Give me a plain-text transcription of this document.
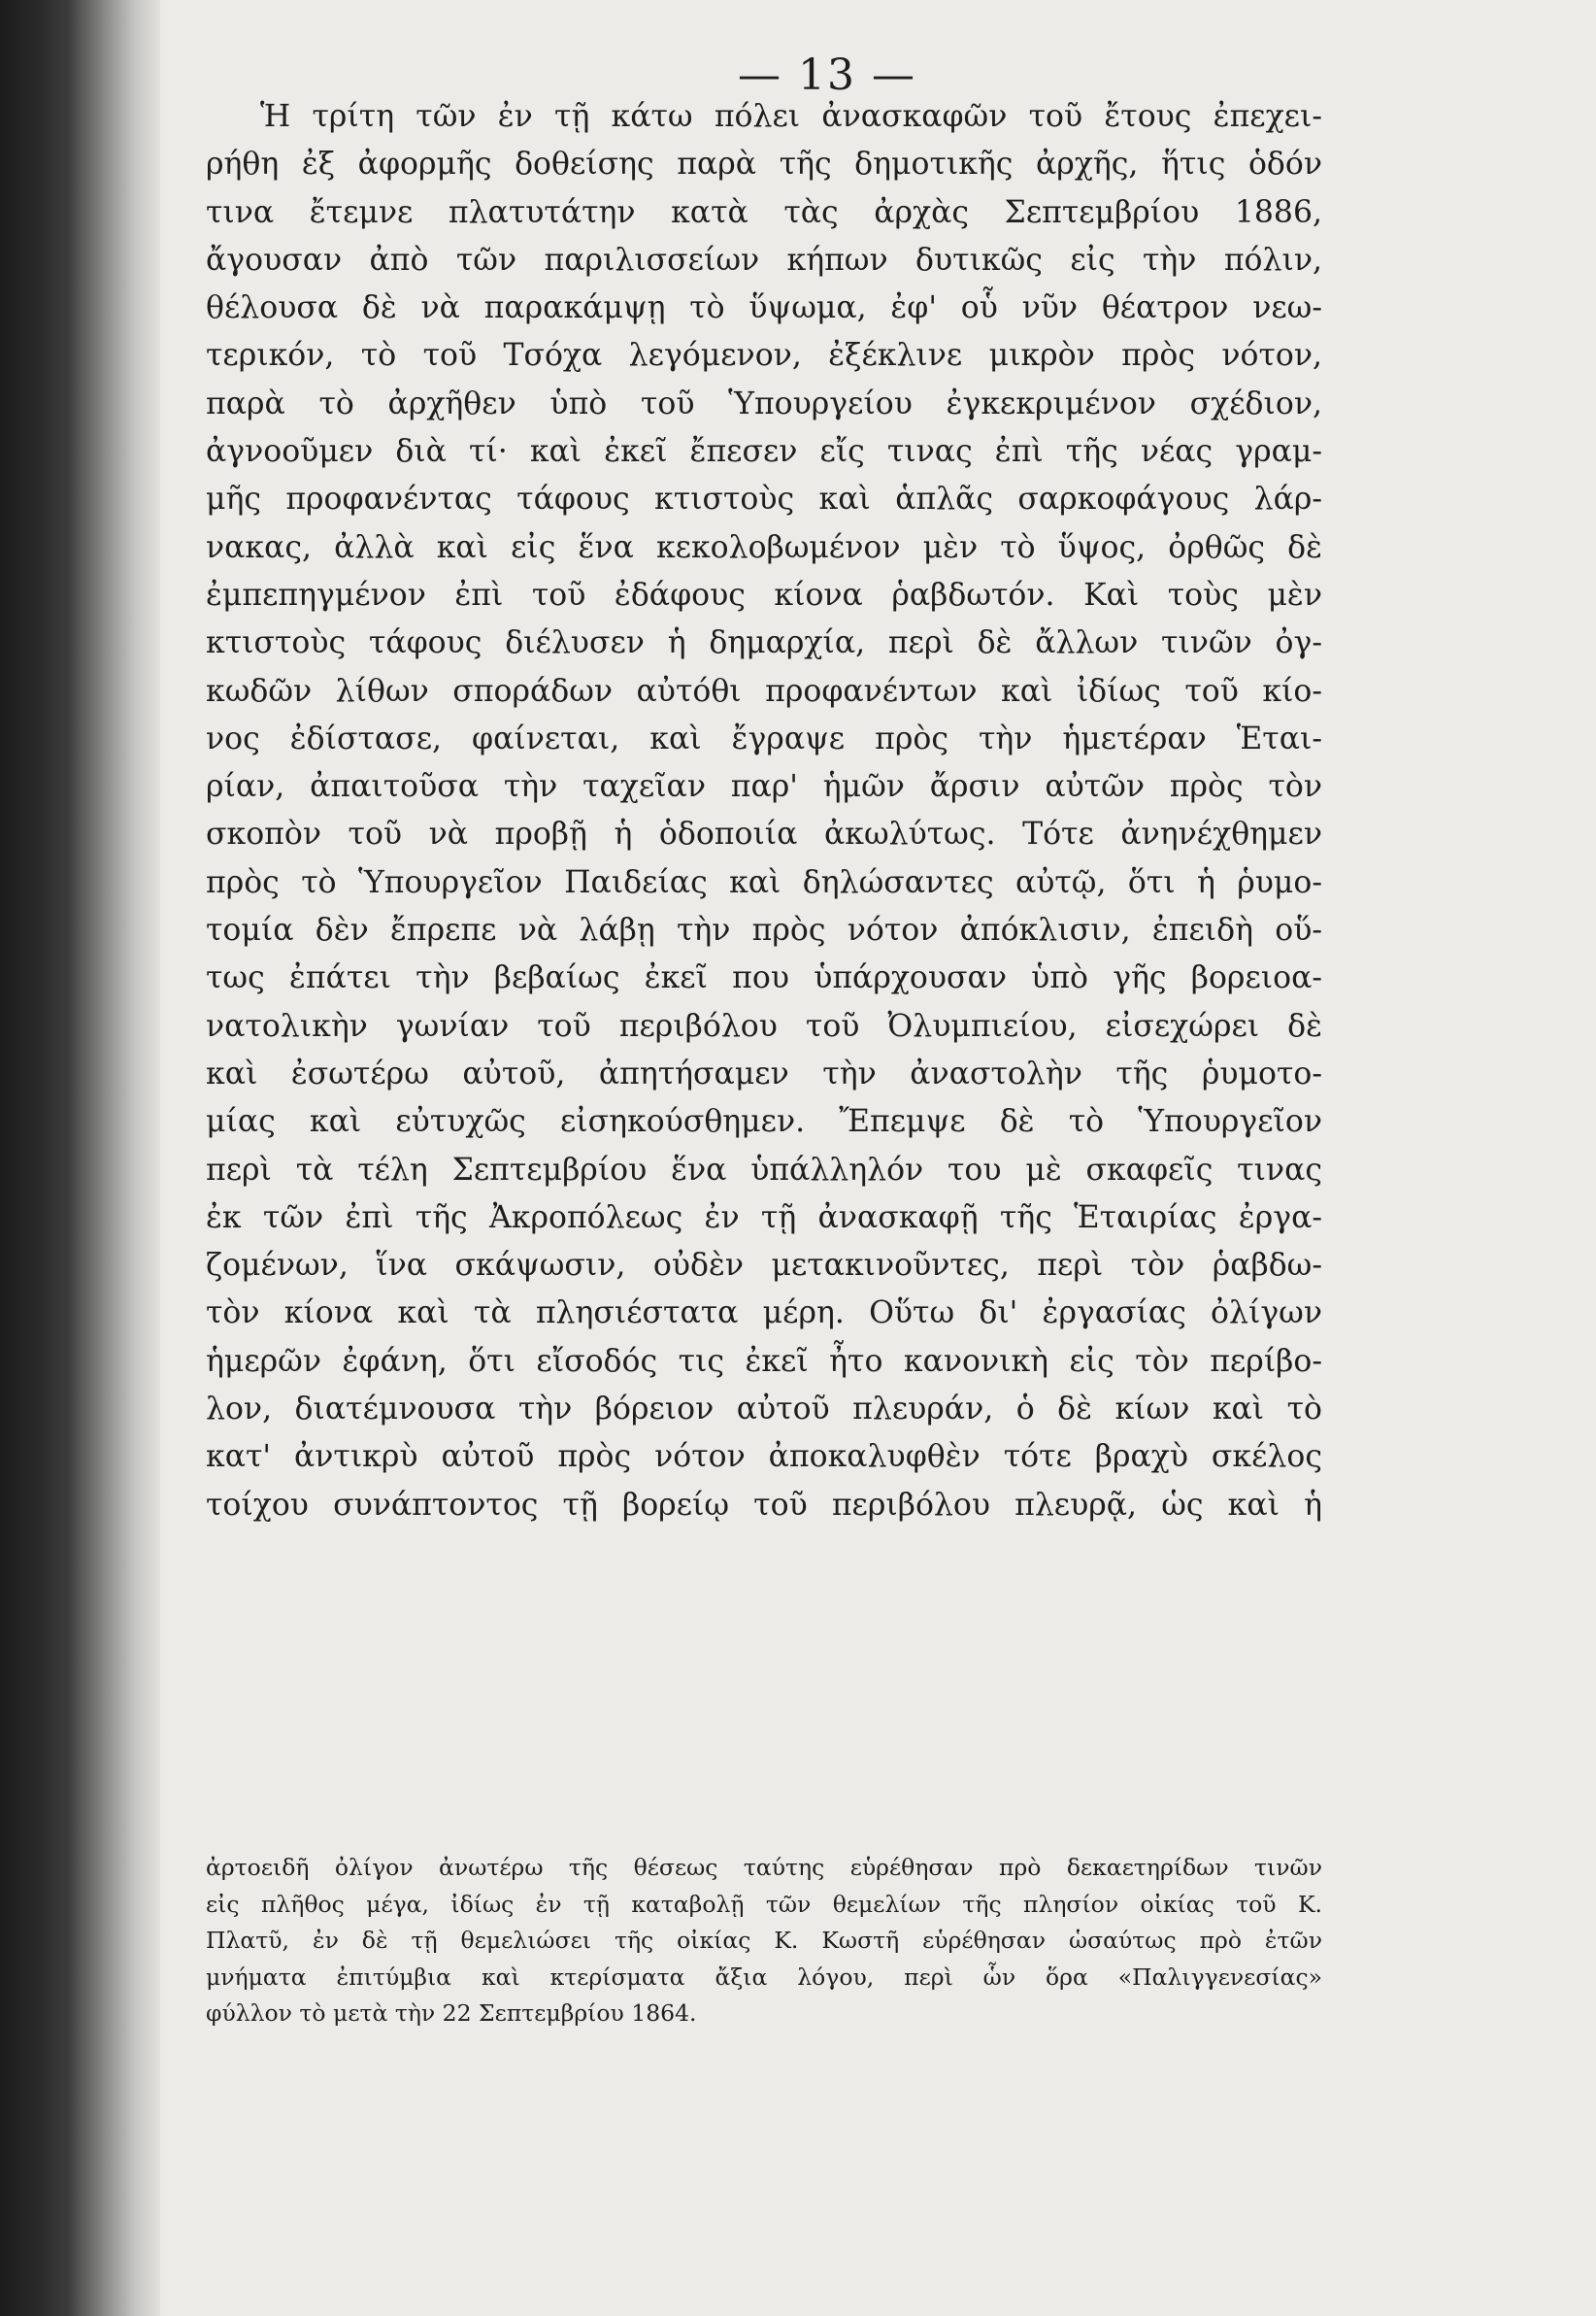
— 13 —
Ἡ τρίτη τῶν ἐν τῇ κάτω πόλει ἀνασκαφῶν τοῦ ἔτους ἐπεχει-
ρήθη ἐξ ἀφορμῆς δοθείσης παρὰ τῆς δημοτικῆς ἀρχῆς, ἥτις ὁδόν
τινα ἔτεμνε πλατυτάτην κατὰ τὰς ἀρχὰς Σεπτεμβρίου 1886,
ἄγουσαν ἀπὸ τῶν παριλισσείων κήπων δυτικῶς εἰς τὴν πόλιν,
θέλουσα δὲ νὰ παρακάμψῃ τὸ ὕψωμα, ἐφ' οὗ νῦν θέατρον νεω-
τερικόν, τὸ τοῦ Τσόχα λεγόμενον, ἐξέκλινε μικρὸν πρὸς νότον,
παρὰ τὸ ἀρχῆθεν ὑπὸ τοῦ Ὑπουργείου ἐγκεκριμένον σχέδιον,
ἀγνοοῦμεν διὰ τί· καὶ ἐκεῖ ἔπεσεν εἴς τινας ἐπὶ τῆς νέας γραμ-
μῆς προφανέντας τάφους κτιστοὺς καὶ ἁπλᾶς σαρκοφάγους λάρ-
νακας, ἀλλὰ καὶ εἰς ἕνα κεκολοβωμένον μὲν τὸ ὕψος, ὀρθῶς δὲ
ἐμπεπηγμένον ἐπὶ τοῦ ἐδάφους κίονα ῥαβδωτόν. Καὶ τοὺς μὲν
κτιστοὺς τάφους διέλυσεν ἡ δημαρχία, περὶ δὲ ἄλλων τινῶν ὀγ-
κωδῶν λίθων σποράδων αὐτόθι προφανέντων καὶ ἰδίως τοῦ κίο-
νος ἐδίστασε, φαίνεται, καὶ ἔγραψε πρὸς τὴν ἡμετέραν Ἑται-
ρίαν, ἀπαιτοῦσα τὴν ταχεῖαν παρ' ἡμῶν ἄρσιν αὐτῶν πρὸς τὸν
σκοπὸν τοῦ νὰ προβῇ ἡ ὁδοποιία ἀκωλύτως. Τότε ἀνηνέχθημεν
πρὸς τὸ Ὑπουργεῖον Παιδείας καὶ δηλώσαντες αὐτῷ, ὅτι ἡ ῥυμο-
τομία δὲν ἔπρεπε νὰ λάβῃ τὴν πρὸς νότον ἀπόκλισιν, ἐπειδὴ οὕ-
τως ἐπάτει τὴν βεβαίως ἐκεῖ που ὑπάρχουσαν ὑπὸ γῆς βορειοα-
νατολικὴν γωνίαν τοῦ περιβόλου τοῦ Ὀλυμπιείου, εἰσεχώρει δὲ
καὶ ἐσωτέρω αὐτοῦ, ἀπητήσαμεν τὴν ἀναστολὴν τῆς ῥυμοτο-
μίας καὶ εὐτυχῶς εἰσηκούσθημεν. Ἔπεμψε δὲ τὸ Ὑπουργεῖον
περὶ τὰ τέλη Σεπτεμβρίου ἕνα ὑπάλληλόν του μὲ σκαφεῖς τινας
ἐκ τῶν ἐπὶ τῆς Ἀκροπόλεως ἐν τῇ ἀνασκαφῇ τῆς Ἑταιρίας ἐργα-
ζομένων, ἵνα σκάψωσιν, οὐδὲν μετακινοῦντες, περὶ τὸν ῥαβδω-
τὸν κίονα καὶ τὰ πλησιέστατα μέρη. Οὕτω δι' ἐργασίας ὀλίγων
ἡμερῶν ἐφάνη, ὅτι εἴσοδός τις ἐκεῖ ἦτο κανονικὴ εἰς τὸν περίβο-
λον, διατέμνουσα τὴν βόρειον αὐτοῦ πλευράν, ὁ δὲ κίων καὶ τὸ
κατ' ἀντικρὺ αὐτοῦ πρὸς νότον ἀποκαλυφθὲν τότε βραχὺ σκέλος
τοίχου συνάπτοντος τῇ βορείῳ τοῦ περιβόλου πλευρᾷ, ὡς καὶ ἡ
ἀρτοειδῆ ὀλίγον ἀνωτέρω τῆς θέσεως ταύτης εὑρέθησαν πρὸ δεκαετηρίδων τινῶν
εἰς πλῆθος μέγα, ἰδίως ἐν τῇ καταβολῇ τῶν θεμελίων τῆς πλησίον οἰκίας τοῦ Κ.
Πλατῦ, ἐν δὲ τῇ θεμελιώσει τῆς οἰκίας Κ. Κωστῆ εὑρέθησαν ὡσαύτως πρὸ ἐτῶν
μνήματα ἐπιτύμβια καὶ κτερίσματα ἄξια λόγου, περὶ ὧν ὅρα «Παλιγγενεσίας»
φύλλον τὸ μετὰ τὴν 22 Σεπτεμβρίου 1864.
